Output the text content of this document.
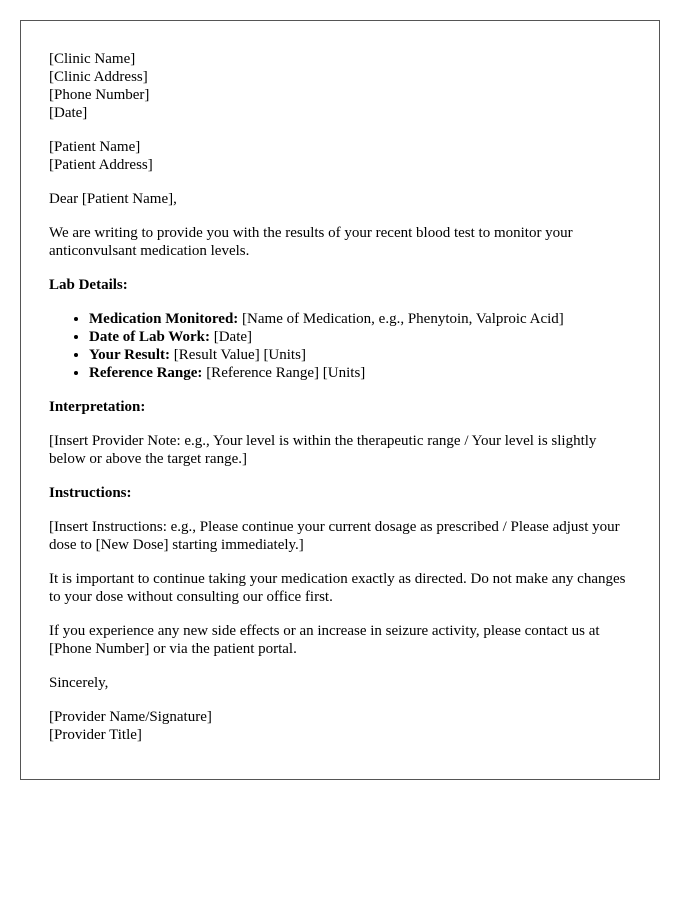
[Clinic Name]
[Clinic Address]
[Phone Number]
[Date]
[Patient Name]
[Patient Address]

Dear [Patient Name],

We are writing to provide you with the results of your recent blood test to monitor your anticonvulsant medication levels.

Lab Details:

• Medication Monitored: [Name of Medication, e.g., Phenytoin, Valproic Acid]
• Date of Lab Work: [Date]
• Your Result: [Result Value] [Units]
• Reference Range: [Reference Range] [Units]

Interpretation:

[Insert Provider Note: e.g., Your level is within the therapeutic range / Your level is slightly below or above the target range.]

Instructions:

[Insert Instructions: e.g., Please continue your current dosage as prescribed / Please adjust your dose to [New Dose] starting immediately.]

It is important to continue taking your medication exactly as directed. Do not make any changes to your dose without consulting our office first.

If you experience any new side effects or an increase in seizure activity, please contact us at [Phone Number] or via the patient portal.

Sincerely,

[Provider Name/Signature]
[Provider Title]
